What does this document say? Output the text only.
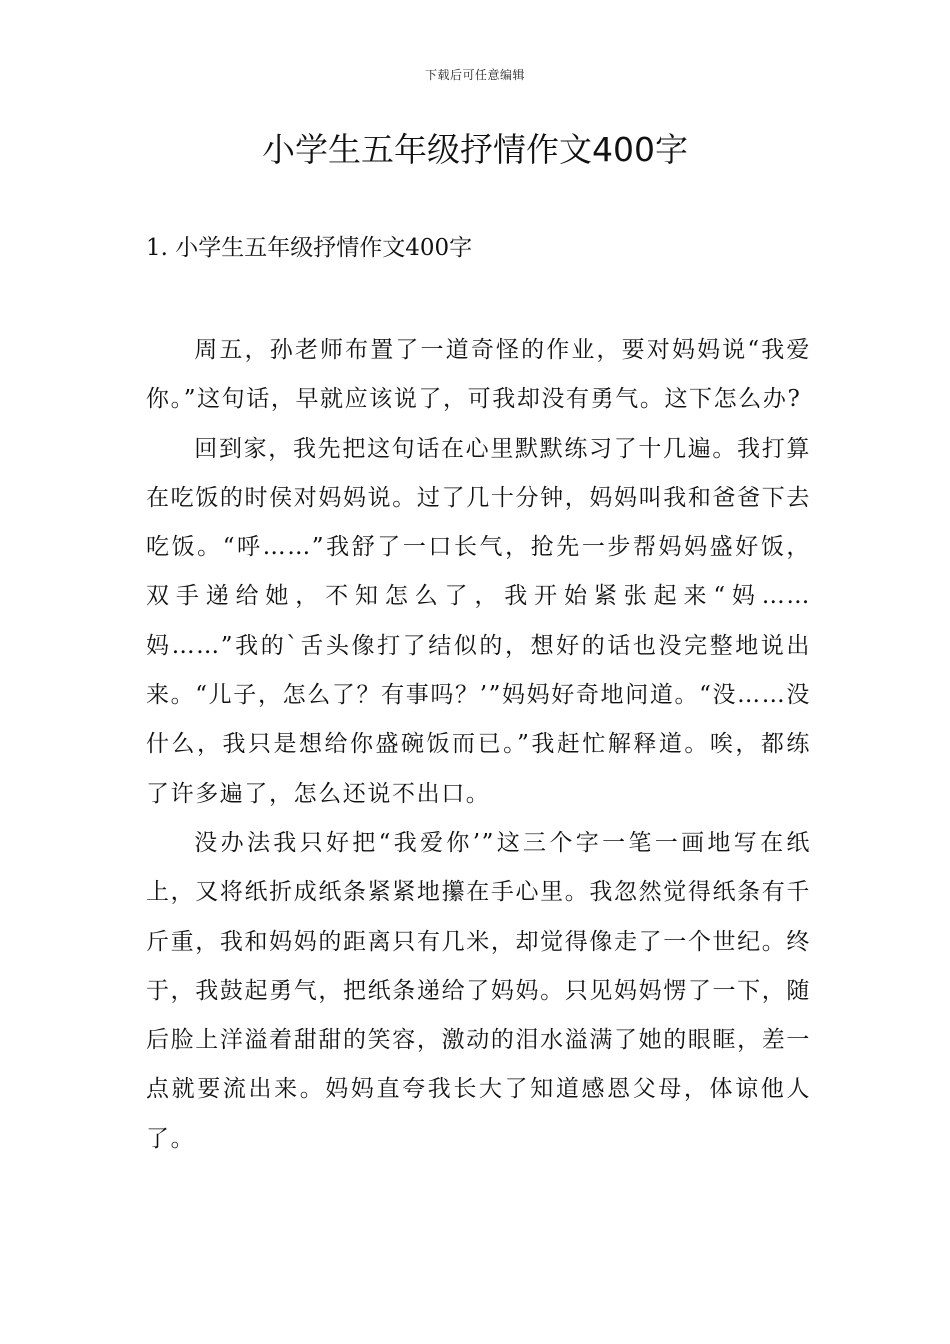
下载后可任意编辑
小学生五年级抒情作文400字
1. 小学生五年级抒情作文400字

周五，孙老师布置了一道奇怪的作业，要对妈妈说“我爱你。”这句话，早就应该说了，可我却没有勇气。这下怎么办?

回到家，我先把这句话在心里默默练习了十几遍。我打算在吃饭的时侯对妈妈说。过了几十分钟，妈妈叫我和爸爸下去吃饭。“呼……”我舒了一口长气，抢先一步帮妈妈盛好饭，双手递给她，不知怎么了，我开始紧张起来“妈……妈……”我的`舌头像打了结似的，想好的话也没完整地说出来。“儿子，怎么了？有事吗？’”妈妈好奇地问道。“没……没什么，我只是想给你盛碗饭而已。”我赶忙解释道。唉，都练了许多遍了，怎么还说不出口。

没办法我只好把“我爱你’”这三个字一笔一画地写在纸上，又将纸折成纸条紧紧地攥在手心里。我忽然觉得纸条有千斤重，我和妈妈的距离只有几米，却觉得像走了一个世纪。终于，我鼓起勇气，把纸条递给了妈妈。只见妈妈愣了一下，随后脸上洋溢着甜甜的笑容，激动的泪水溢满了她的眼眶，差一点就要流出来。妈妈直夸我长大了知道感恩父母，体谅他人了。
